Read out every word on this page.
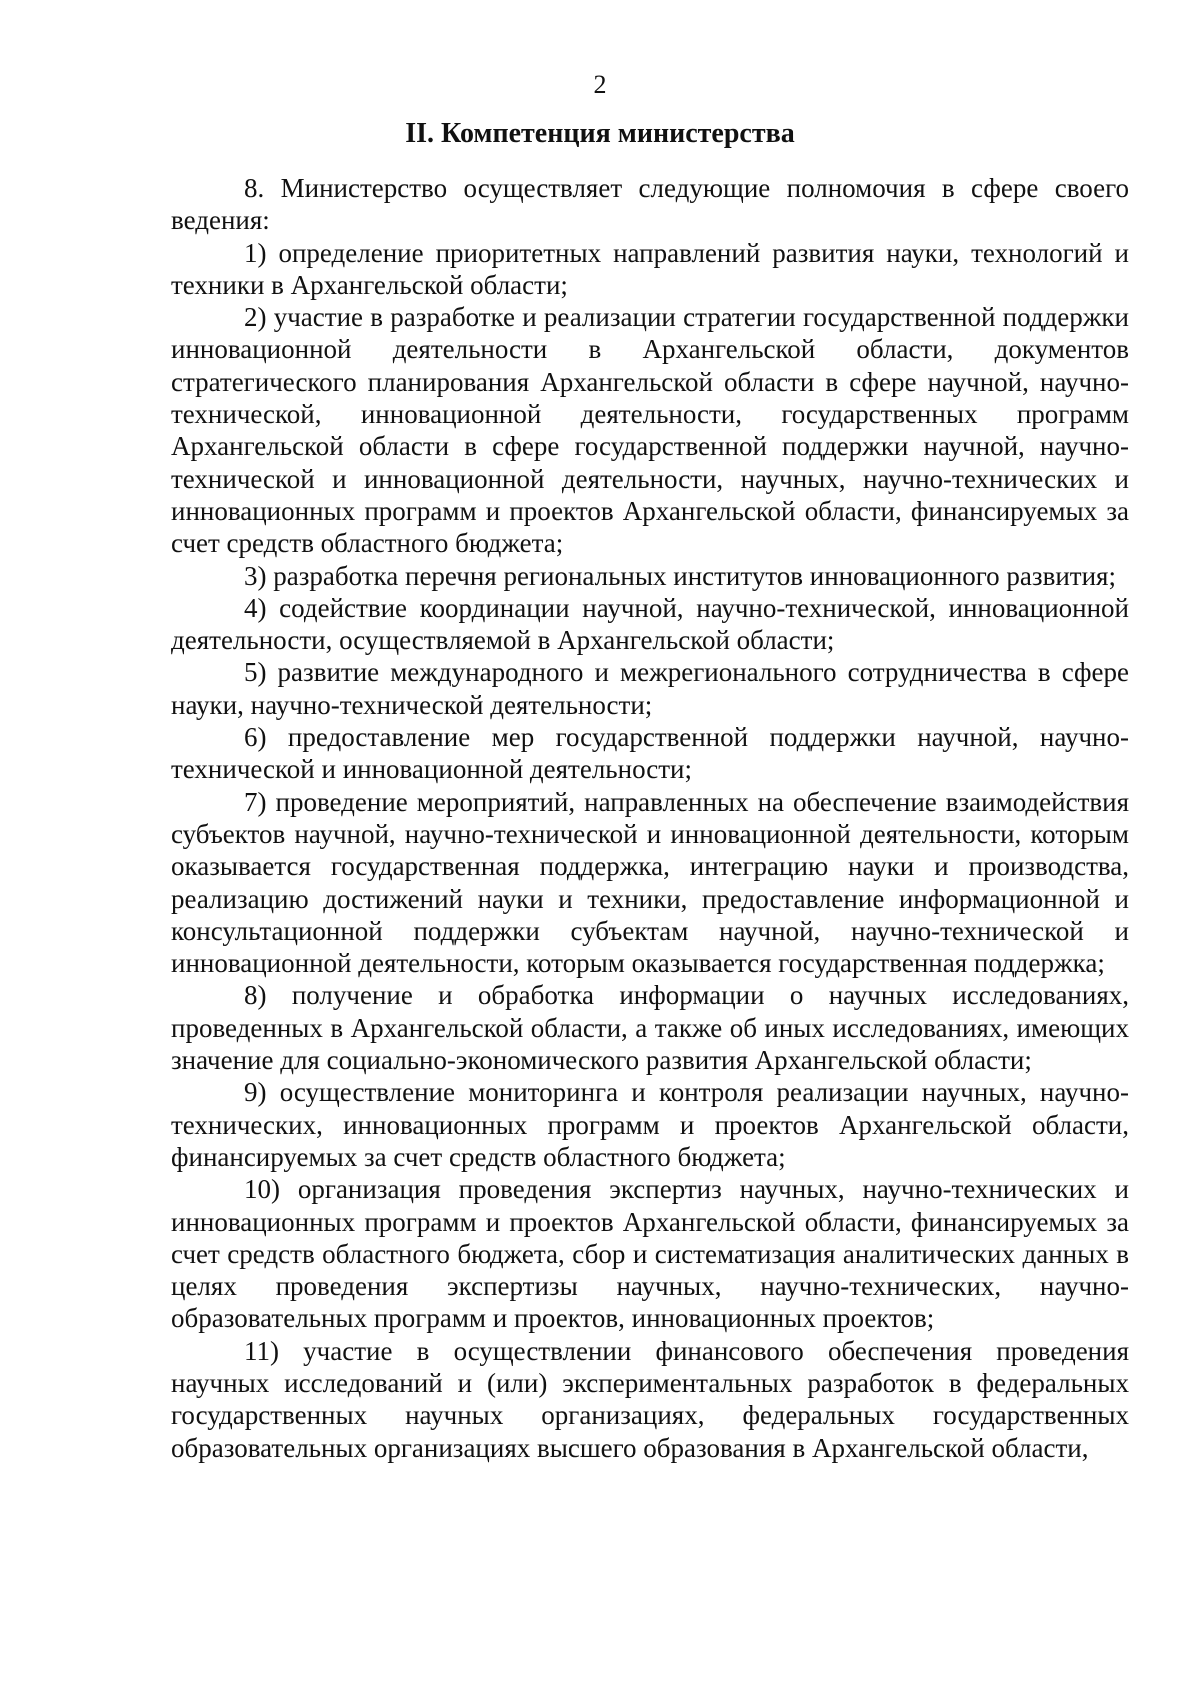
2
II. Компетенция министерства

8. Министерство осуществляет следующие полномочия в сфере своего ведения:

1) определение приоритетных направлений развития науки, технологий и техники в Архангельской области;

2) участие в разработке и реализации стратегии государственной поддержки инновационной деятельности в Архангельской области, документов стратегического планирования Архангельской области в сфере научной, научно-технической, инновационной деятельности, государственных программ Архангельской области в сфере государственной поддержки научной, научно-технической и инновационной деятельности, научных, научно-технических и инновационных программ и проектов Архангельской области, финансируемых за счет средств областного бюджета;

3) разработка перечня региональных институтов инновационного развития;

4) содействие координации научной, научно-технической, инновационной деятельности, осуществляемой в Архангельской области;

5) развитие международного и межрегионального сотрудничества в сфере науки, научно-технической деятельности;

6) предоставление мер государственной поддержки научной, научно-технической и инновационной деятельности;

7) проведение мероприятий, направленных на обеспечение взаимодействия субъектов научной, научно-технической и инновационной деятельности, которым оказывается государственная поддержка, интеграцию науки и производства, реализацию достижений науки и техники, предоставление информационной и консультационной поддержки субъектам научной, научно-технической и инновационной деятельности, которым оказывается государственная поддержка;

8) получение и обработка информации о научных исследованиях, проведенных в Архангельской области, а также об иных исследованиях, имеющих значение для социально-экономического развития Архангельской области;

9) осуществление мониторинга и контроля реализации научных, научно-технических, инновационных программ и проектов Архангельской области, финансируемых за счет средств областного бюджета;

10) организация проведения экспертиз научных, научно-технических и инновационных программ и проектов Архангельской области, финансируемых за счет средств областного бюджета, сбор и систематизация аналитических данных в целях проведения экспертизы научных, научно-технических, научно-образовательных программ и проектов, инновационных проектов;

11) участие в осуществлении финансового обеспечения проведения научных исследований и (или) экспериментальных разработок в федеральных государственных научных организациях, федеральных государственных образовательных организациях высшего образования в Архангельской области,
